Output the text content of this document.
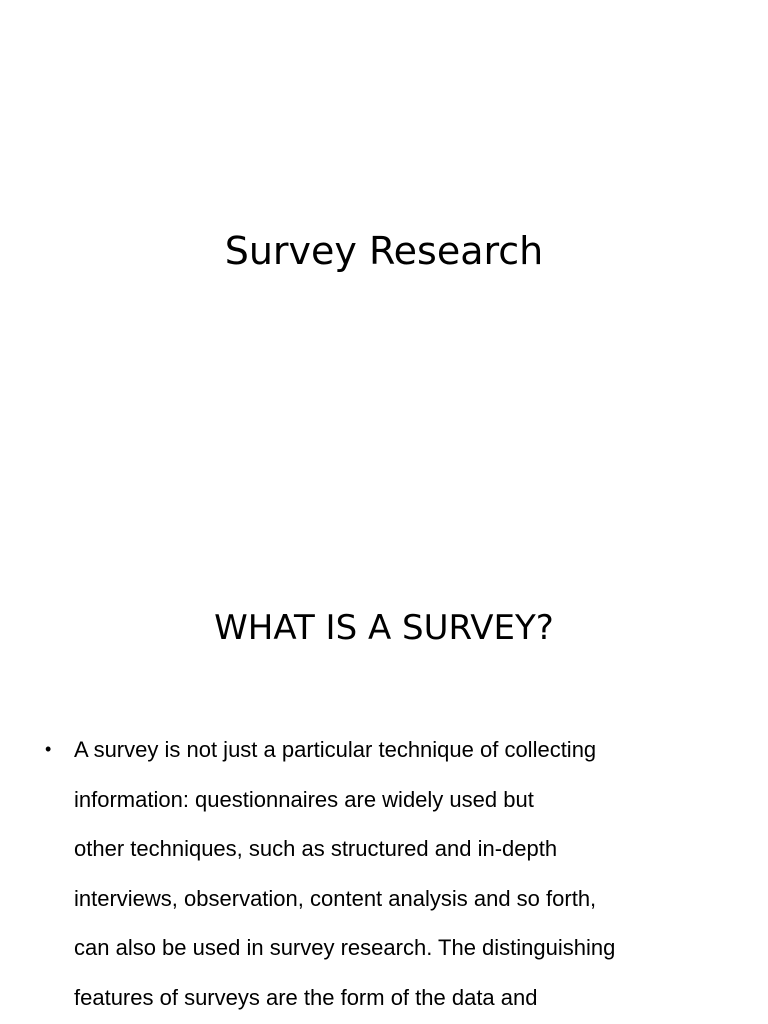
Survey Research
WHAT IS A SURVEY?
• A survey is not just a particular technique of collecting
information: questionnaires are widely used but
other techniques, such as structured and in-depth
interviews, observation, content analysis and so forth,
can also be used in survey research. The distinguishing
features of surveys are the form of the data and
